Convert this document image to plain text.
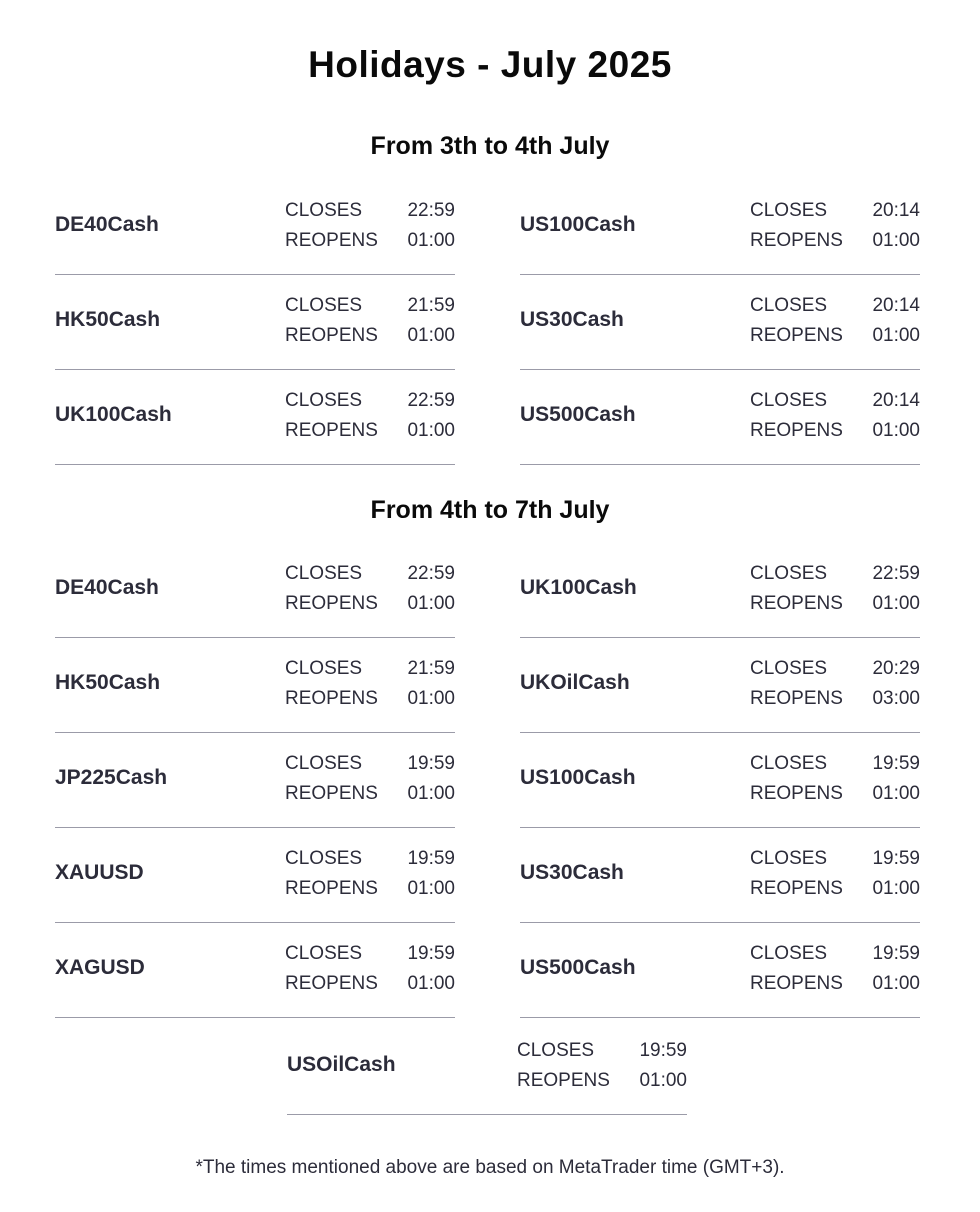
Holidays - July 2025
From 3th to 4th July
DE40Cash
CLOSES 22:59
REOPENS 01:00
US100Cash
CLOSES 20:14
REOPENS 01:00
HK50Cash
CLOSES 21:59
REOPENS 01:00
US30Cash
CLOSES 20:14
REOPENS 01:00
UK100Cash
CLOSES 22:59
REOPENS 01:00
US500Cash
CLOSES 20:14
REOPENS 01:00
From 4th to 7th July
DE40Cash
CLOSES 22:59
REOPENS 01:00
UK100Cash
CLOSES 22:59
REOPENS 01:00
HK50Cash
CLOSES 21:59
REOPENS 01:00
UKOilCash
CLOSES 20:29
REOPENS 03:00
JP225Cash
CLOSES 19:59
REOPENS 01:00
US100Cash
CLOSES 19:59
REOPENS 01:00
XAUUSD
CLOSES 19:59
REOPENS 01:00
US30Cash
CLOSES 19:59
REOPENS 01:00
XAGUSD
CLOSES 19:59
REOPENS 01:00
US500Cash
CLOSES 19:59
REOPENS 01:00
USOilCash
CLOSES 19:59
REOPENS 01:00
*The times mentioned above are based on MetaTrader time (GMT+3).
